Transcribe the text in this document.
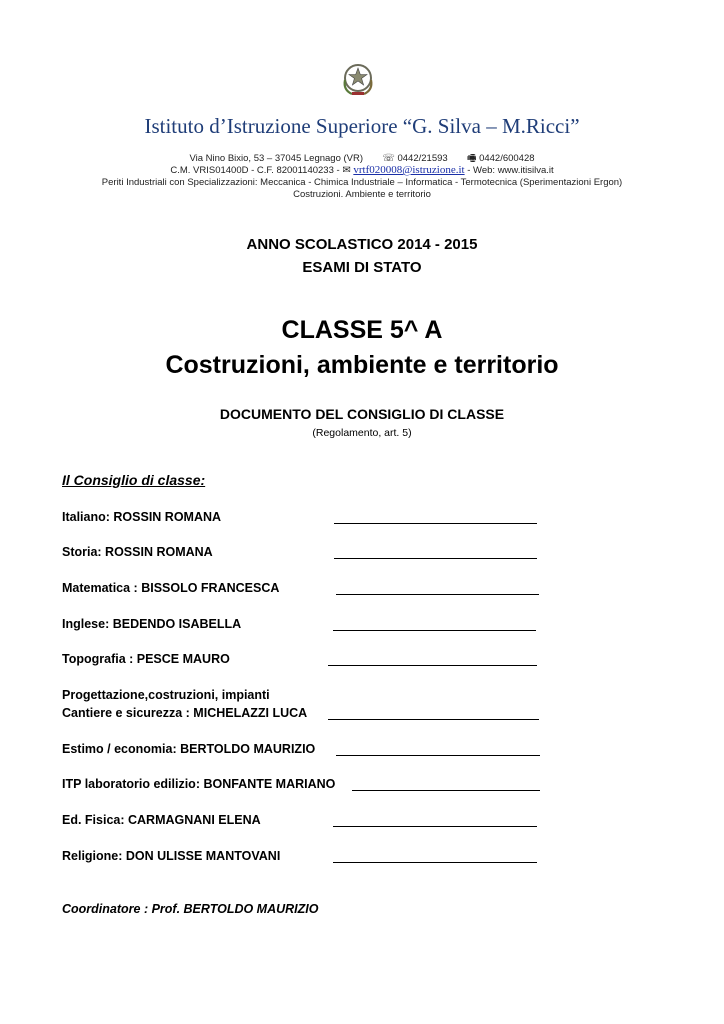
Istituto d’Istruzione Superiore “G. Silva – M.Ricci”
Via Nino Bixio, 53 – 37045 Legnago (VR) ☏ 0442/21593 🖷 0442/600428
C.M. VRIS01400D - C.F. 82001140233 - ✉ vrtf020008@istruzione.it - Web: www.itisilva.it
Periti Industriali con Specializzazioni: Meccanica - Chimica Industriale – Informatica - Termotecnica (Sperimentazioni Ergon)
Costruzioni. Ambiente e territorio
ANNO SCOLASTICO 2014 - 2015
ESAMI DI STATO
CLASSE 5^ A
Costruzioni, ambiente e territorio
DOCUMENTO DEL CONSIGLIO DI CLASSE
(Regolamento, art. 5)
Il Consiglio di classe:
Italiano: ROSSIN ROMANA
Storia: ROSSIN ROMANA
Matematica : BISSOLO FRANCESCA
Inglese: BEDENDO ISABELLA
Topografia : PESCE MAURO
Progettazione,costruzioni, impianti
Cantiere e sicurezza : MICHELAZZI LUCA
Estimo / economia: BERTOLDO MAURIZIO
ITP laboratorio edilizio: BONFANTE MARIANO
Ed. Fisica: CARMAGNANI ELENA
Religione: DON ULISSE MANTOVANI
Coordinatore : Prof. BERTOLDO MAURIZIO
